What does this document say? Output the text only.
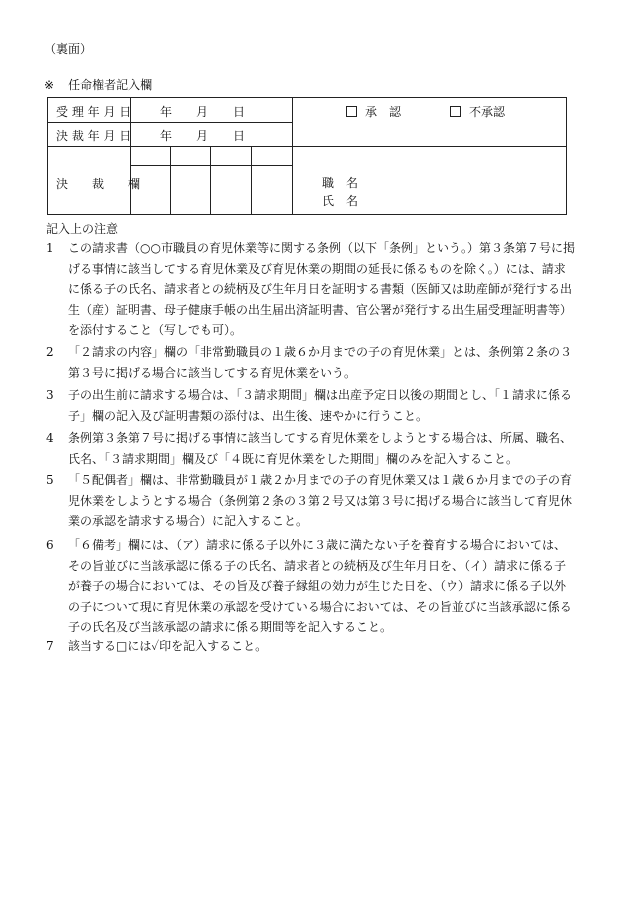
（裏面）
※ 任命権者記入欄
受 理 年 月 日 年 月 日	承　認	不承認
決 裁 年 月 日 年 月 日
決　　裁　　欄	職　名
氏　名
記入上の注意
1 この請求書（○○市職員の育児休業等に関する条例（以下「条例」という。）第３条第７号に掲げる事情に該当してする育児休業及び育児休業の期間の延長に係るものを除く。）には、請求に係る子の氏名、請求者との続柄及び生年月日を証明する書類（医師又は助産師が発行する出生（産）証明書、母子健康手帳の出生届出済証明書、官公署が発行する出生届受理証明書等）を添付すること（写しでも可）。
2 「２請求の内容」欄の「非常勤職員の１歳６か月までの子の育児休業」とは、条例第２条の３第３号に掲げる場合に該当してする育児休業をいう。
3 子の出生前に請求する場合は、「３請求期間」欄は出産予定日以後の期間とし、「１請求に係る子」欄の記入及び証明書類の添付は、出生後、速やかに行うこと。
4 条例第３条第７号に掲げる事情に該当してする育児休業をしようとする場合は、所属、職名、氏名、「３請求期間」欄及び「４既に育児休業をした期間」欄のみを記入すること。
5 「５配偶者」欄は、非常勤職員が１歳２か月までの子の育児休業又は１歳６か月までの子の育児休業をしようとする場合（条例第２条の３第２号又は第３号に掲げる場合に該当して育児休業の承認を請求する場合）に記入すること。
6 「６備考」欄には、（ア）請求に係る子以外に３歳に満たない子を養育する場合においては、その旨並びに当該承認に係る子の氏名、請求者との続柄及び生年月日を、（イ）請求に係る子が養子の場合においては、その旨及び養子縁組の効力が生じた日を、（ウ）請求に係る子以外の子について現に育児休業の承認を受けている場合においては、その旨並びに当該承認に係る子の氏名及び当該承認の請求に係る期間等を記入すること。
7 該当する□には✓印を記入すること。
